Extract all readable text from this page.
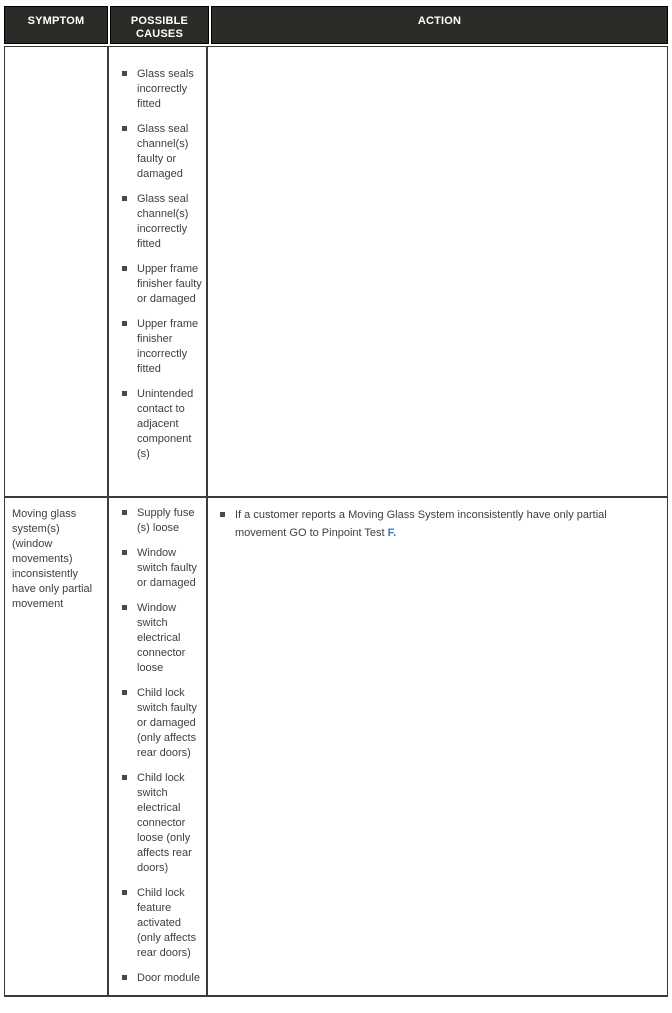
SYMPTOM	POSSIBLE CAUSES
ACTION
Glass seals incorrectly fitted
Glass seal channel(s) faulty or damaged
Glass seal channel(s) incorrectly fitted
Upper frame finisher faulty or damaged
Upper frame finisher incorrectly fitted
Unintended contact to adjacent component (s)
Moving glass system(s) (window movements) inconsistently have only partial movement
Supply fuse (s) loose
Window switch faulty or damaged
Window switch electrical connector loose
Child lock switch faulty or damaged (only affects rear doors)
Child lock switch electrical connector loose (only affects rear doors)
Child lock feature activated (only affects rear doors)
Door module
If a customer reports a Moving Glass System inconsistently have only partial movement GO to Pinpoint Test F.
